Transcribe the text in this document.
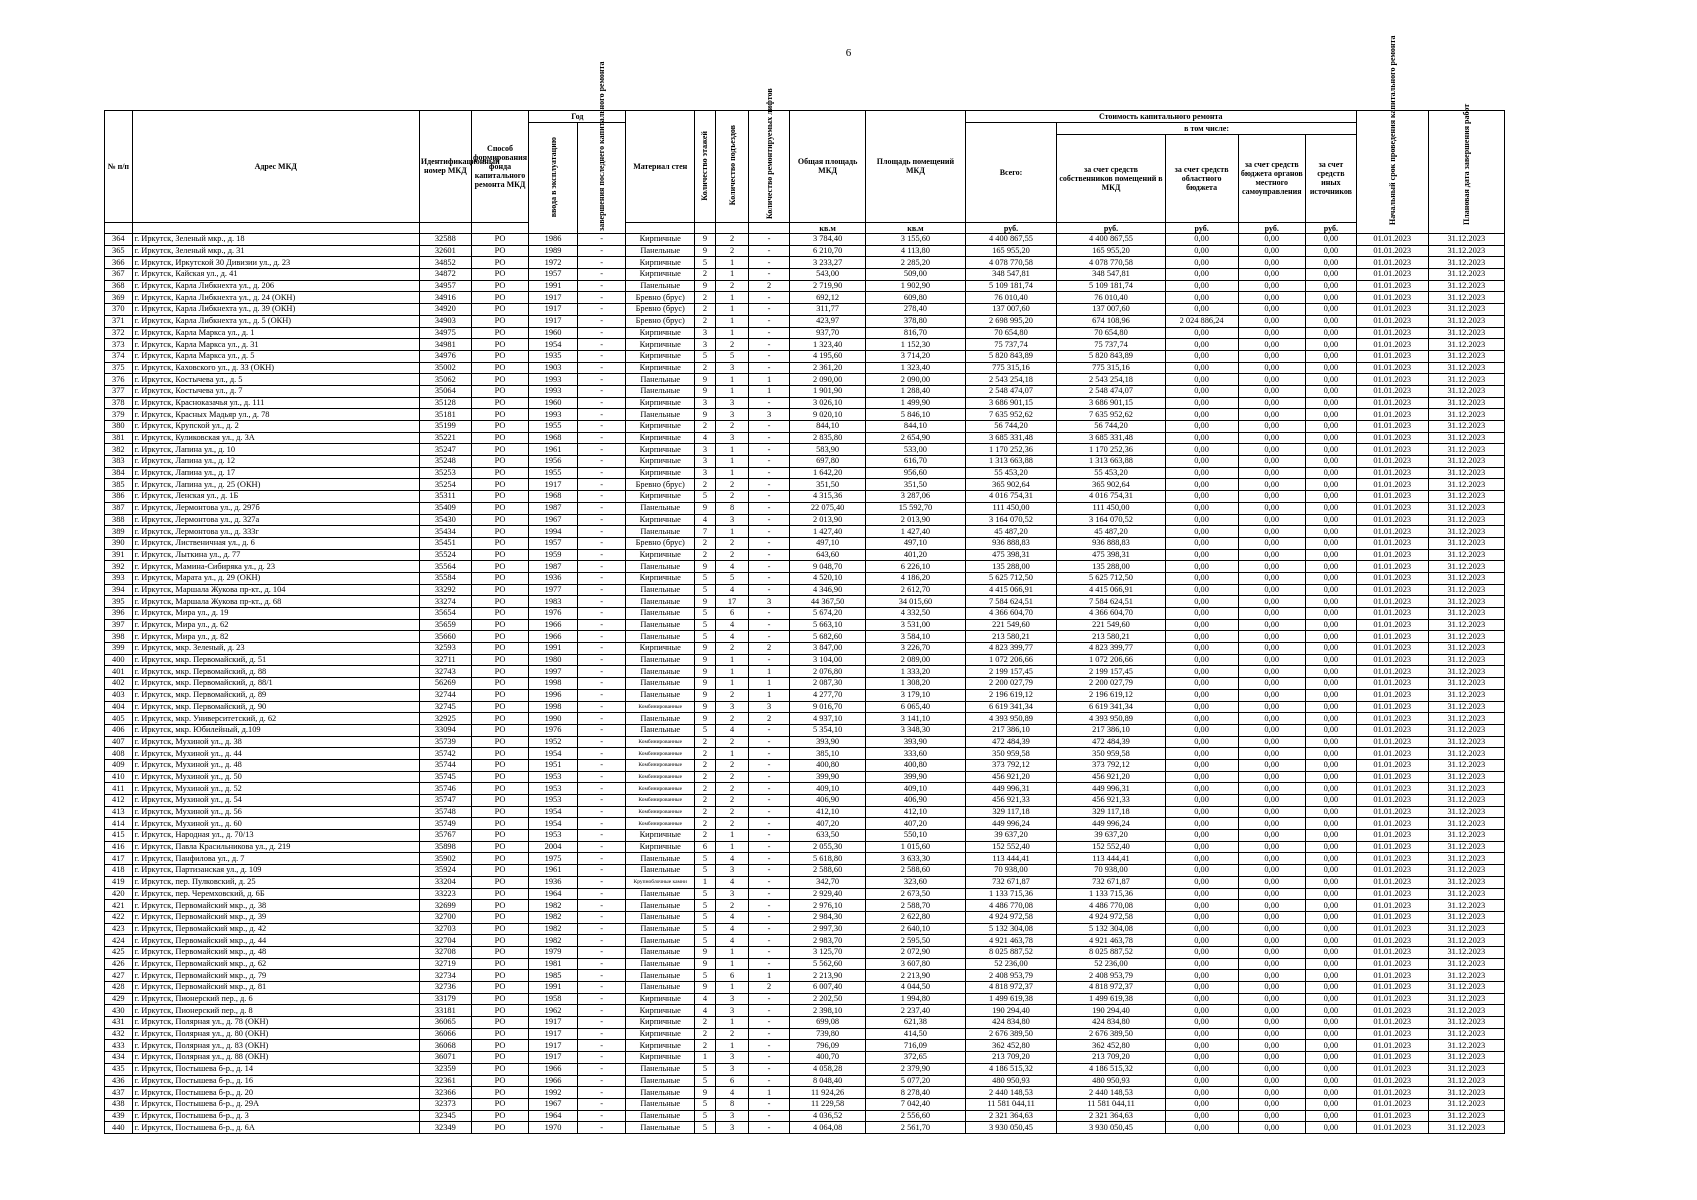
6
№ п/п	Адрес МКД	Идентификационный номер МКД	Способ формирования фонда капитального ремонта МКД	Год		Материал стен	Количество этажей	Количество подъездов	Количество ремонтируемых лифтов	Общая площадь МКД	Площадь помещений МКД	Стоимость капитального ремонта					Начальный срок проведения капитального ремонта	Плановая дата завершения работ
				ввода в эксплуатацию	завершения последнего капитального ремонта							Всего:	в том числе:					
													за счет средств собственников помещений в МКД	за счет средств областного бюджета	за счет средств бюджета органов местного самоуправления	за счет средств иных источников		
										кв.м	кв.м	руб.	руб.	руб.	руб.	руб.		
364	г. Иркутск, Зеленый мкр., д. 18	32588	РО	1986	-	Кирпичные	9	2	-	3 784,40	3 155,60	4 400 867,55	4 400 867,55	0,00	0,00	0,00	01.01.2023	31.12.2023
365	г. Иркутск, Зеленый мкр., д. 31	32601	РО	1989	-	Панельные	9	2	-	6 210,70	4 113,80	165 955,20	165 955,20	0,00	0,00	0,00	01.01.2023	31.12.2023
366	г. Иркутск, Иркутской 30 Дивизии ул., д. 23	34852	РО	1972	-	Кирпичные	5	1	-	3 233,27	2 285,20	4 078 770,58	4 078 770,58	0,00	0,00	0,00	01.01.2023	31.12.2023
367	г. Иркутск, Кайская ул., д. 41	34872	РО	1957	-	Кирпичные	2	1	-	543,00	509,00	348 547,81	348 547,81	0,00	0,00	0,00	01.01.2023	31.12.2023
368	г. Иркутск, Карла Либкнехта ул., д. 206	34957	РО	1991	-	Панельные	9	2	2	2 719,90	1 902,90	5 109 181,74	5 109 181,74	0,00	0,00	0,00	01.01.2023	31.12.2023
369	г. Иркутск, Карла Либкнехта ул., д. 24 (ОКН)	34916	РО	1917	-	Бревно (брус)	2	1	-	692,12	609,80	76 010,40	76 010,40	0,00	0,00	0,00	01.01.2023	31.12.2023
370	г. Иркутск, Карла Либкнехта ул., д. 39 (ОКН)	34920	РО	1917	-	Бревно (брус)	2	1	-	311,77	278,40	137 007,60	137 007,60	0,00	0,00	0,00	01.01.2023	31.12.2023
371	г. Иркутск, Карла Либкнехта ул., д. 5 (ОКН)	34903	РО	1917	-	Бревно (брус)	2	1	-	423,97	378,80	2 698 995,20	674 108,96	2 024 886,24	0,00	0,00	01.01.2023	31.12.2023
372	г. Иркутск, Карла Маркса ул., д. 1	34975	РО	1960	-	Кирпичные	3	1	-	937,70	816,70	70 654,80	70 654,80	0,00	0,00	0,00	01.01.2023	31.12.2023
373	г. Иркутск, Карла Маркса ул., д. 31	34981	РО	1954	-	Кирпичные	3	2	-	1 323,40	1 152,30	75 737,74	75 737,74	0,00	0,00	0,00	01.01.2023	31.12.2023
374	г. Иркутск, Карла Маркса ул., д. 5	34976	РО	1935	-	Кирпичные	5	5	-	4 195,60	3 714,20	5 820 843,89	5 820 843,89	0,00	0,00	0,00	01.01.2023	31.12.2023
375	г. Иркутск, Каховского ул., д. 33 (ОКН)	35002	РО	1903	-	Кирпичные	2	3	-	2 361,20	1 323,40	775 315,16	775 315,16	0,00	0,00	0,00	01.01.2023	31.12.2023
376	г. Иркутск, Костычева ул., д. 5	35062	РО	1993	-	Панельные	9	1	1	2 090,00	2 090,00	2 543 254,18	2 543 254,18	0,00	0,00	0,00	01.01.2023	31.12.2023
377	г. Иркутск, Костычева ул., д. 7	35064	РО	1993	-	Панельные	9	1	1	1 901,90	1 288,40	2 548 474,07	2 548 474,07	0,00	0,00	0,00	01.01.2023	31.12.2023
378	г. Иркутск, Красноказачья ул., д. 111	35128	РО	1960	-	Кирпичные	3	3	-	3 026,10	1 499,90	3 686 901,15	3 686 901,15	0,00	0,00	0,00	01.01.2023	31.12.2023
379	г. Иркутск, Красных Мадьяр ул., д. 78	35181	РО	1993	-	Панельные	9	3	3	9 020,10	5 846,10	7 635 952,62	7 635 952,62	0,00	0,00	0,00	01.01.2023	31.12.2023
380	г. Иркутск, Крупской ул., д. 2	35199	РО	1955	-	Кирпичные	2	2	-	844,10	844,10	56 744,20	56 744,20	0,00	0,00	0,00	01.01.2023	31.12.2023
381	г. Иркутск, Куликовская ул., д. 3А	35221	РО	1968	-	Кирпичные	4	3	-	2 835,80	2 654,90	3 685 331,48	3 685 331,48	0,00	0,00	0,00	01.01.2023	31.12.2023
382	г. Иркутск, Лапина ул., д. 10	35247	РО	1961	-	Кирпичные	3	1	-	583,90	533,00	1 170 252,36	1 170 252,36	0,00	0,00	0,00	01.01.2023	31.12.2023
383	г. Иркутск, Лапина ул., д. 12	35248	РО	1956	-	Кирпичные	3	1	-	697,80	616,70	1 313 663,88	1 313 663,88	0,00	0,00	0,00	01.01.2023	31.12.2023
384	г. Иркутск, Лапина ул., д. 17	35253	РО	1955	-	Кирпичные	3	1	-	1 642,20	956,60	55 453,20	55 453,20	0,00	0,00	0,00	01.01.2023	31.12.2023
385	г. Иркутск, Лапина ул., д. 25 (ОКН)	35254	РО	1917	-	Бревно (брус)	2	2	-	351,50	351,50	365 902,64	365 902,64	0,00	0,00	0,00	01.01.2023	31.12.2023
386	г. Иркутск, Ленская ул., д. 1Б	35311	РО	1968	-	Кирпичные	5	2	-	4 315,36	3 287,06	4 016 754,31	4 016 754,31	0,00	0,00	0,00	01.01.2023	31.12.2023
387	г. Иркутск, Лермонтова ул., д. 297б	35409	РО	1987	-	Панельные	9	8	-	22 075,40	15 592,70	111 450,00	111 450,00	0,00	0,00	0,00	01.01.2023	31.12.2023
388	г. Иркутск, Лермонтова ул., д. 327а	35430	РО	1967	-	Кирпичные	4	3	-	2 013,90	2 013,90	3 164 070,52	3 164 070,52	0,00	0,00	0,00	01.01.2023	31.12.2023
389	г. Иркутск, Лермонтова ул., д. 333г	35434	РО	1994	-	Панельные	7	1	-	1 427,40	1 427,40	45 487,20	45 487,20	0,00	0,00	0,00	01.01.2023	31.12.2023
390	г. Иркутск, Лиственичная ул., д. 6	35451	РО	1957	-	Бревно (брус)	2	2	-	497,10	497,10	936 888,83	936 888,83	0,00	0,00	0,00	01.01.2023	31.12.2023
391	г. Иркутск, Лыткина ул., д. 77	35524	РО	1959	-	Кирпичные	2	2	-	643,60	401,20	475 398,31	475 398,31	0,00	0,00	0,00	01.01.2023	31.12.2023
392	г. Иркутск, Мамина-Сибиряка ул., д. 23	35564	РО	1987	-	Панельные	9	4	-	9 048,70	6 226,10	135 288,00	135 288,00	0,00	0,00	0,00	01.01.2023	31.12.2023
393	г. Иркутск, Марата ул., д. 29 (ОКН)	35584	РО	1936	-	Кирпичные	5	5	-	4 520,10	4 186,20	5 625 712,50	5 625 712,50	0,00	0,00	0,00	01.01.2023	31.12.2023
394	г. Иркутск, Маршала Жукова пр-кт., д. 104	33292	РО	1977	-	Панельные	5	4	-	4 346,90	2 612,70	4 415 066,91	4 415 066,91	0,00	0,00	0,00	01.01.2023	31.12.2023
395	г. Иркутск, Маршала Жукова пр-кт., д. 68	33274	РО	1983	-	Панельные	9	17	3	44 367,50	34 015,60	7 584 624,51	7 584 624,51	0,00	0,00	0,00	01.01.2023	31.12.2023
396	г. Иркутск, Мира ул., д. 19	35654	РО	1976	-	Панельные	5	6	-	5 674,20	4 332,50	4 366 604,70	4 366 604,70	0,00	0,00	0,00	01.01.2023	31.12.2023
397	г. Иркутск, Мира ул., д. 62	35659	РО	1966	-	Панельные	5	4	-	5 663,10	3 531,00	221 549,60	221 549,60	0,00	0,00	0,00	01.01.2023	31.12.2023
398	г. Иркутск, Мира ул., д. 82	35660	РО	1966	-	Панельные	5	4	-	5 682,60	3 584,10	213 580,21	213 580,21	0,00	0,00	0,00	01.01.2023	31.12.2023
399	г. Иркутск, мкр. Зеленый, д. 23	32593	РО	1991	-	Кирпичные	9	2	2	3 847,00	3 226,70	4 823 399,77	4 823 399,77	0,00	0,00	0,00	01.01.2023	31.12.2023
400	г. Иркутск, мкр. Первомайский, д. 51	32711	РО	1980	-	Панельные	9	1	-	3 104,00	2 089,00	1 072 206,66	1 072 206,66	0,00	0,00	0,00	01.01.2023	31.12.2023
401	г. Иркутск, мкр. Первомайский, д. 88	32743	РО	1997	-	Панельные	9	1	1	2 076,80	1 333,20	2 199 157,45	2 199 157,45	0,00	0,00	0,00	01.01.2023	31.12.2023
402	г. Иркутск, мкр. Первомайский, д. 88/1	56269	РО	1998	-	Панельные	9	1	1	2 087,30	1 308,20	2 200 027,79	2 200 027,79	0,00	0,00	0,00	01.01.2023	31.12.2023
403	г. Иркутск, мкр. Первомайский, д. 89	32744	РО	1996	-	Панельные	9	2	1	4 277,70	3 179,10	2 196 619,12	2 196 619,12	0,00	0,00	0,00	01.01.2023	31.12.2023
404	г. Иркутск, мкр. Первомайский, д. 90	32745	РО	1998	-	Комбинированные	9	3	3	9 016,70	6 065,40	6 619 341,34	6 619 341,34	0,00	0,00	0,00	01.01.2023	31.12.2023
405	г. Иркутск, мкр. Университетский, д. 62	32925	РО	1990	-	Панельные	9	2	2	4 937,10	3 141,10	4 393 950,89	4 393 950,89	0,00	0,00	0,00	01.01.2023	31.12.2023
406	г. Иркутск, мкр. Юбилейный, д.109	33094	РО	1976	-	Панельные	5	4	-	5 354,10	3 348,30	217 386,10	217 386,10	0,00	0,00	0,00	01.01.2023	31.12.2023
407	г. Иркутск, Мухиной ул., д. 38	35739	РО	1952	-	Комбинированные	2	2	-	393,90	393,90	472 484,39	472 484,39	0,00	0,00	0,00	01.01.2023	31.12.2023
408	г. Иркутск, Мухиной ул., д. 44	35742	РО	1954	-	Комбинированные	2	1	-	385,10	333,60	350 959,58	350 959,58	0,00	0,00	0,00	01.01.2023	31.12.2023
409	г. Иркутск, Мухиной ул., д. 48	35744	РО	1951	-	Комбинированные	2	2	-	400,80	400,80	373 792,12	373 792,12	0,00	0,00	0,00	01.01.2023	31.12.2023
410	г. Иркутск, Мухиной ул., д. 50	35745	РО	1953	-	Комбинированные	2	2	-	399,90	399,90	456 921,20	456 921,20	0,00	0,00	0,00	01.01.2023	31.12.2023
411	г. Иркутск, Мухиной ул., д. 52	35746	РО	1953	-	Комбинированные	2	2	-	409,10	409,10	449 996,31	449 996,31	0,00	0,00	0,00	01.01.2023	31.12.2023
412	г. Иркутск, Мухиной ул., д. 54	35747	РО	1953	-	Комбинированные	2	2	-	406,90	406,90	456 921,33	456 921,33	0,00	0,00	0,00	01.01.2023	31.12.2023
413	г. Иркутск, Мухиной ул., д. 56	35748	РО	1954	-	Комбинированные	2	2	-	412,10	412,10	329 117,18	329 117,18	0,00	0,00	0,00	01.01.2023	31.12.2023
414	г. Иркутск, Мухиной ул., д. 60	35749	РО	1954	-	Комбинированные	2	2	-	407,20	407,20	449 996,24	449 996,24	0,00	0,00	0,00	01.01.2023	31.12.2023
415	г. Иркутск, Народная ул., д. 70/13	35767	РО	1953	-	Кирпичные	2	1	-	633,50	550,10	39 637,20	39 637,20	0,00	0,00	0,00	01.01.2023	31.12.2023
416	г. Иркутск, Павла Красильникова ул., д. 219	35898	РО	2004	-	Кирпичные	6	1	-	2 055,30	1 015,60	152 552,40	152 552,40	0,00	0,00	0,00	01.01.2023	31.12.2023
417	г. Иркутск, Панфилова ул., д. 7	35902	РО	1975	-	Панельные	5	4	-	5 618,80	3 633,30	113 444,41	113 444,41	0,00	0,00	0,00	01.01.2023	31.12.2023
418	г. Иркутск, Партизанская ул., д. 109	35924	РО	1961	-	Панельные	5	3	-	2 588,60	2 588,60	70 938,00	70 938,00	0,00	0,00	0,00	01.01.2023	31.12.2023
419	г. Иркутск, пер. Пулковский, д. 25	33204	РО	1936	-	Крупноблочные камни	1	4	-	342,70	323,60	732 671,87	732 671,87	0,00	0,00	0,00	01.01.2023	31.12.2023
420	г. Иркутск, пер. Черемховский, д. 6Б	33223	РО	1964	-	Панельные	5	3	-	2 929,40	2 673,50	1 133 715,36	1 133 715,36	0,00	0,00	0,00	01.01.2023	31.12.2023
421	г. Иркутск, Первомайский мкр., д. 38	32699	РО	1982	-	Панельные	5	2	-	2 976,10	2 588,70	4 486 770,08	4 486 770,08	0,00	0,00	0,00	01.01.2023	31.12.2023
422	г. Иркутск, Первомайский мкр., д. 39	32700	РО	1982	-	Панельные	5	4	-	2 984,30	2 622,80	4 924 972,58	4 924 972,58	0,00	0,00	0,00	01.01.2023	31.12.2023
423	г. Иркутск, Первомайский мкр., д. 42	32703	РО	1982	-	Панельные	5	4	-	2 997,30	2 640,10	5 132 304,08	5 132 304,08	0,00	0,00	0,00	01.01.2023	31.12.2023
424	г. Иркутск, Первомайский мкр., д. 44	32704	РО	1982	-	Панельные	5	4	-	2 983,70	2 595,50	4 921 463,78	4 921 463,78	0,00	0,00	0,00	01.01.2023	31.12.2023
425	г. Иркутск, Первомайский мкр., д. 48	32708	РО	1979	-	Панельные	9	1	-	3 125,70	2 072,90	8 025 887,52	8 025 887,52	0,00	0,00	0,00	01.01.2023	31.12.2023
426	г. Иркутск, Первомайский мкр., д. 62	32719	РО	1981	-	Панельные	9	1	-	5 562,60	3 607,80	52 236,00	52 236,00	0,00	0,00	0,00	01.01.2023	31.12.2023
427	г. Иркутск, Первомайский мкр., д. 79	32734	РО	1985	-	Панельные	5	6	1	2 213,90	2 213,90	2 408 953,79	2 408 953,79	0,00	0,00	0,00	01.01.2023	31.12.2023
428	г. Иркутск, Первомайский мкр., д. 81	32736	РО	1991	-	Панельные	9	1	2	6 007,40	4 044,50	4 818 972,37	4 818 972,37	0,00	0,00	0,00	01.01.2023	31.12.2023
429	г. Иркутск, Пионерский пер., д. 6	33179	РО	1958	-	Кирпичные	4	3	-	2 202,50	1 994,80	1 499 619,38	1 499 619,38	0,00	0,00	0,00	01.01.2023	31.12.2023
430	г. Иркутск, Пионерский пер., д. 8	33181	РО	1962	-	Кирпичные	4	3	-	2 398,10	2 237,40	190 294,40	190 294,40	0,00	0,00	0,00	01.01.2023	31.12.2023
431	г. Иркутск, Полярная ул., д. 78 (ОКН)	36065	РО	1917	-	Кирпичные	2	1	-	699,08	621,38	424 834,80	424 834,80	0,00	0,00	0,00	01.01.2023	31.12.2023
432	г. Иркутск, Полярная ул., д. 80 (ОКН)	36066	РО	1917	-	Кирпичные	2	2	-	739,80	414,50	2 676 389,50	2 676 389,50	0,00	0,00	0,00	01.01.2023	31.12.2023
433	г. Иркутск, Полярная ул., д. 83 (ОКН)	36068	РО	1917	-	Кирпичные	2	1	-	796,09	716,09	362 452,80	362 452,80	0,00	0,00	0,00	01.01.2023	31.12.2023
434	г. Иркутск, Полярная ул., д. 88 (ОКН)	36071	РО	1917	-	Кирпичные	1	3	-	400,70	372,65	213 709,20	213 709,20	0,00	0,00	0,00	01.01.2023	31.12.2023
435	г. Иркутск, Постышева б-р., д. 14	32359	РО	1966	-	Панельные	5	3	-	4 058,28	2 379,90	4 186 515,32	4 186 515,32	0,00	0,00	0,00	01.01.2023	31.12.2023
436	г. Иркутск, Постышева б-р., д. 16	32361	РО	1966	-	Панельные	5	6	-	8 048,40	5 077,20	480 950,93	480 950,93	0,00	0,00	0,00	01.01.2023	31.12.2023
437	г. Иркутск, Постышева б-р., д. 20	32366	РО	1992	-	Панельные	9	4	1	11 924,26	8 278,40	2 440 148,53	2 440 148,53	0,00	0,00	0,00	01.01.2023	31.12.2023
438	г. Иркутск, Постышева б-р., д. 29А	32373	РО	1967	-	Панельные	5	8	-	11 229,58	7 042,40	11 581 044,11	11 581 044,11	0,00	0,00	0,00	01.01.2023	31.12.2023
439	г. Иркутск, Постышева б-р., д. 3	32345	РО	1964	-	Панельные	5	3	-	4 036,52	2 556,60	2 321 364,63	2 321 364,63	0,00	0,00	0,00	01.01.2023	31.12.2023
440	г. Иркутск, Постышева б-р., д. 6А	32349	РО	1970	-	Панельные	5	3	-	4 064,08	2 561,70	3 930 050,45	3 930 050,45	0,00	0,00	0,00	01.01.2023	31.12.2023
